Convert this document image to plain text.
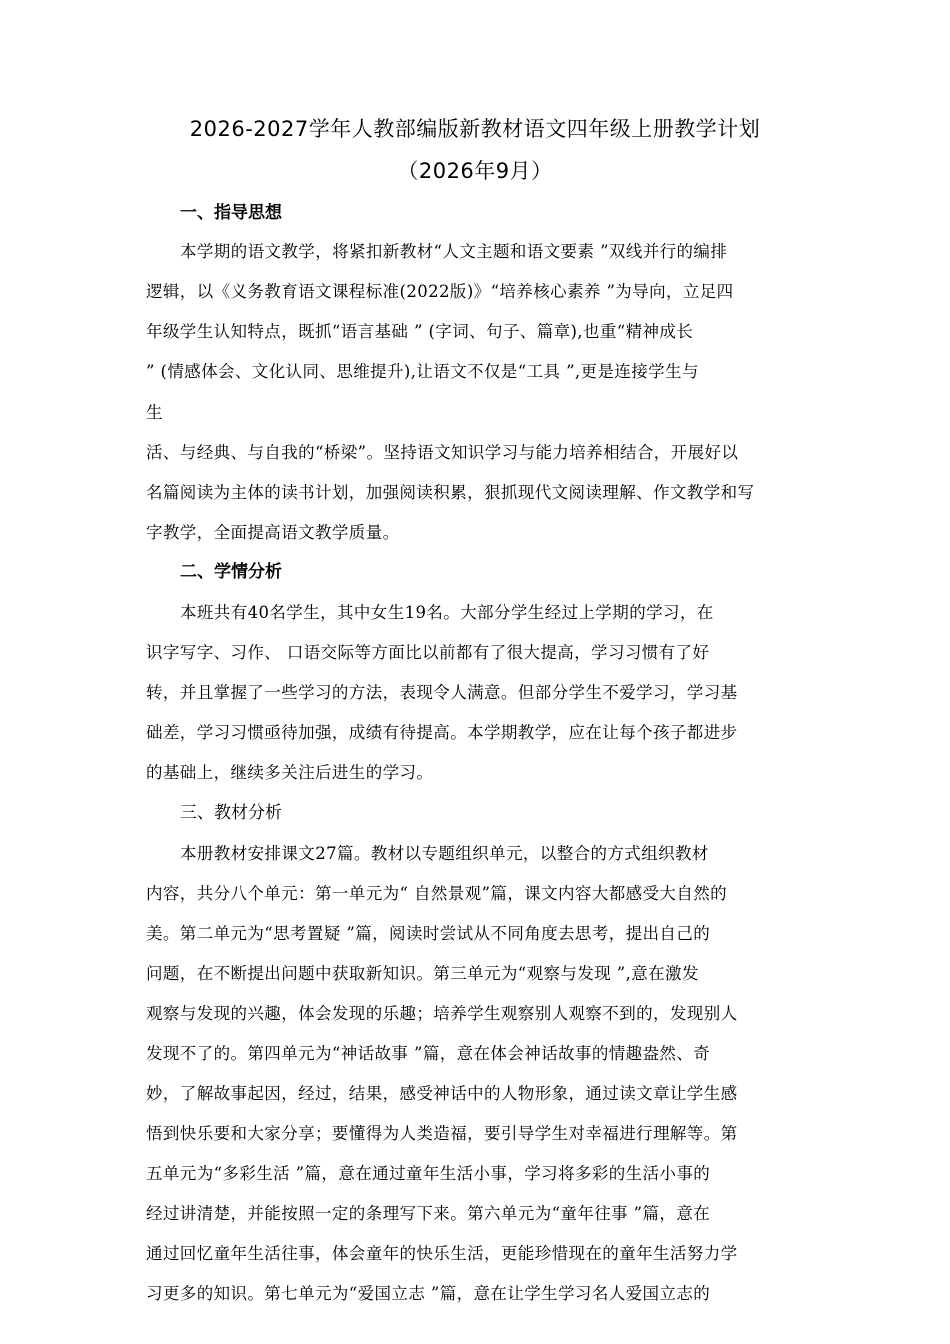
2026-2027学年人教部编版新教材语文四年级上册教学计划
（2026年9月）
一、指导思想
本学期的语文教学，将紧扣新教材“人文主题和语文要素 ”双线并行的编排
逻辑，以《义务教育语文课程标准(2022版)》“培养核心素养 ”为导向，立足四
年级学生认知特点，既抓“语言基础 ” (字词、句子、篇章),也重“精神成长
” (情感体会、文化认同、思维提升),让语文不仅是“工具 ”,更是连接学生与
生
活、与经典、与自我的“桥梁”。坚持语文知识学习与能力培养相结合，开展好以
名篇阅读为主体的读书计划，加强阅读积累，狠抓现代文阅读理解、作文教学和写
字教学，全面提高语文教学质量。
二、学情分析
本班共有40名学生，其中女生19名。大部分学生经过上学期的学习，在
识字写字、习作、 口语交际等方面比以前都有了很大提高，学习习惯有了好
转，并且掌握了一些学习的方法，表现令人满意。但部分学生不爱学习，学习基
础差，学习习惯亟待加强，成绩有待提高。本学期教学，应在让每个孩子都进步
的基础上，继续多关注后进生的学习。
三、教材分析
本册教材安排课文27篇。教材以专题组织单元，以整合的方式组织教材
内容，共分八个单元：第一单元为“ 自然景观”篇，课文内容大都感受大自然的
美。第二单元为“思考置疑 ”篇，阅读时尝试从不同角度去思考，提出自己的
问题，在不断提出问题中获取新知识。第三单元为“观察与发现 ”,意在激发
观察与发现的兴趣，体会发现的乐趣；培养学生观察别人观察不到的，发现别人
发现不了的。第四单元为“神话故事 ”篇，意在体会神话故事的情趣盎然、奇
妙，了解故事起因，经过，结果，感受神话中的人物形象，通过读文章让学生感
悟到快乐要和大家分享；要懂得为人类造福，要引导学生对幸福进行理解等。第
五单元为“多彩生活 ”篇，意在通过童年生活小事，学习将多彩的生活小事的
经过讲清楚，并能按照一定的条理写下来。第六单元为“童年往事 ”篇，意在
通过回忆童年生活往事，体会童年的快乐生活，更能珍惜现在的童年生活努力学
习更多的知识。第七单元为“爱国立志 ”篇，意在让学生学习名人爱国立志的
